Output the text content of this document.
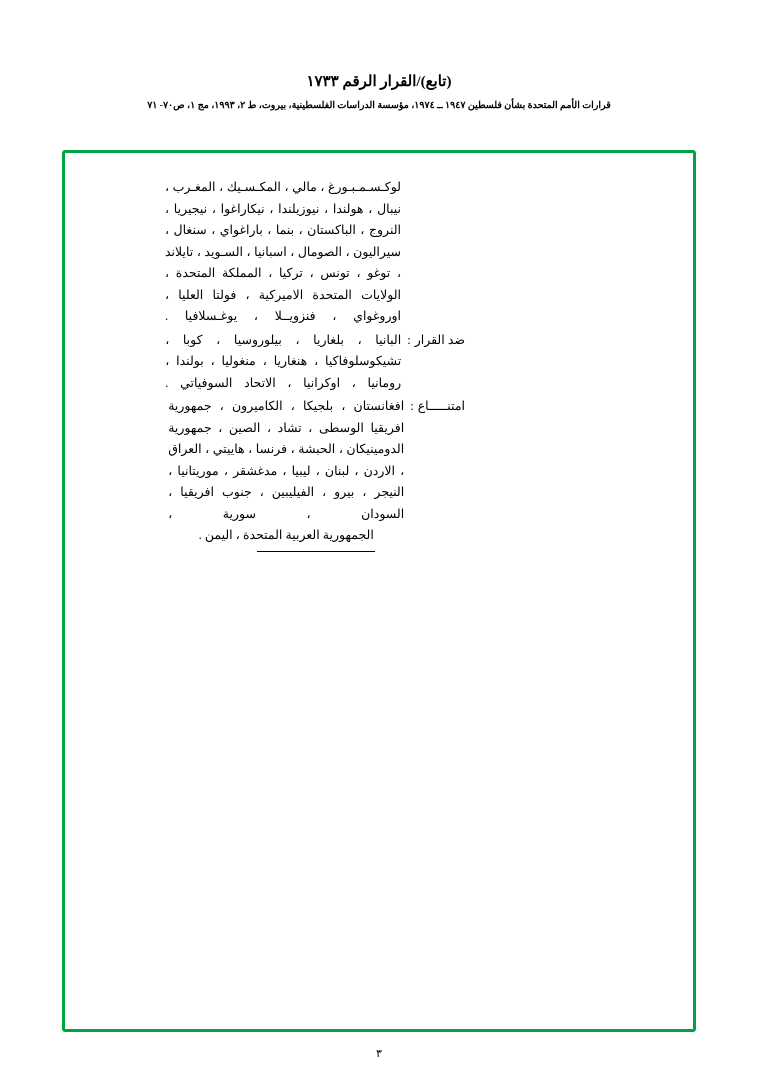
(تابع)/القرار الرقم ١٧٣٣
قرارات الأمم المتحدة بشأن فلسطين ١٩٤٧ ــ ١٩٧٤، مؤسسة الدراسات الفلسطينية، بيروت، ط ٢، ١٩٩٣، مج ١، ص٧٠- ٧١
لوكـسـمـبـورغ ، مالي ، المكـسـيك ، المغـرب ، نيبال ، هولندا ، نيوزيلندا ، نيكاراغوا ، نيجيريا ، النروج ، الباكستان ، بنما ، باراغواي ، سنغال ، سيراليون ، الصومال ، اسبانيا ، السـويد ، تايلاند ، توغو ، تونس ، تركيا ، المملكة المتحدة ، الولايات المتحدة الاميركية ، فولتا العليا ، اوروغواي ، فنزويــلا ، يوغـسلافيا .
ضد القرار:
البانيا ، بلغاريا ، بيلوروسيا ، كوبا ، تشيكوسلوفاكيا ، هنغاريا ، منغوليا ، بولندا ، رومانيا ، اوكرانيا ، الاتحاد السوفياتي .
امتنـــــاع:
افغانستان ، بلجيكا ، الكاميرون ، جمهورية افريقيا الوسطى ، تشاد ، الصين ، جمهورية الدومينيكان ، الحبشة ، فرنسا ، هاييتي ، العراق ، الاردن ، لبنان ، ليبيا ، مدغشقر ، موريتانيا ، النيجر ، بيرو ، الفيليبين ، جنوب افريقيا ، السودان ، سورية ،
الجمهورية العربية المتحدة ، اليمن .
٣
